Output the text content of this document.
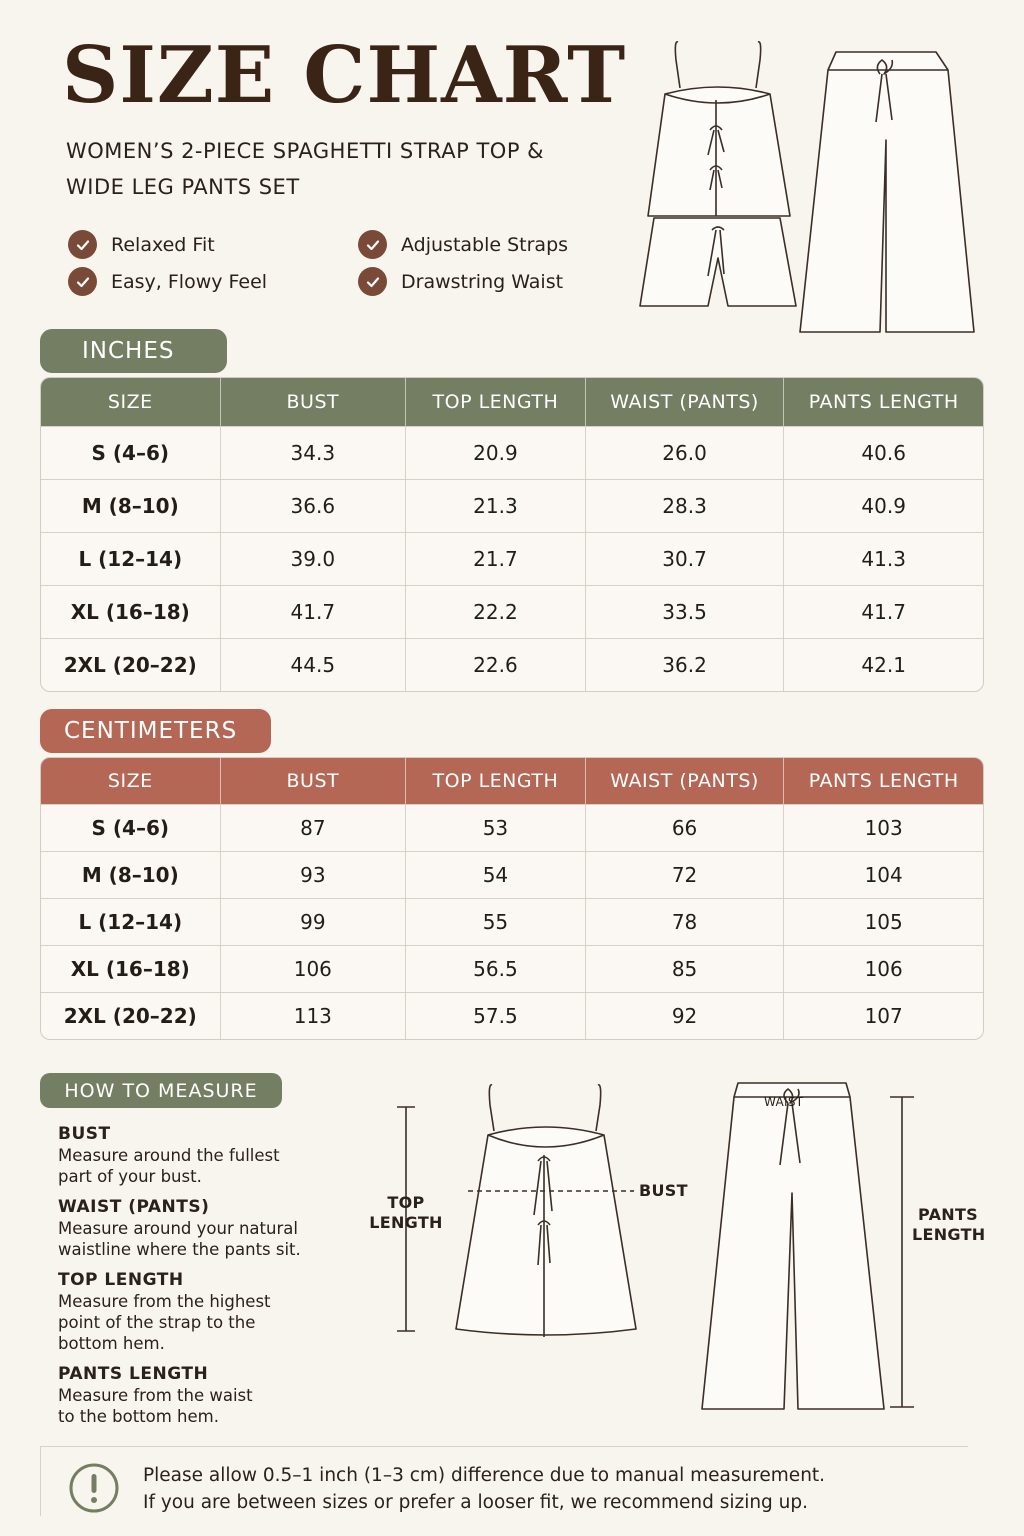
SIZE CHART
WOMEN’S 2-PIECE SPAGHETTI STRAP TOP &
WIDE LEG PANTS SET
Relaxed Fit	Adjustable Straps
Easy, Flowy Feel	Drawstring Waist
INCHES
SIZE	BUST	TOP LENGTH	WAIST (PANTS)	PANTS LENGTH
S (4–6)	34.3	20.9	26.0	40.6
M (8–10)	36.6	21.3	28.3	40.9
L (12–14)	39.0	21.7	30.7	41.3
XL (16–18)	41.7	22.2	33.5	41.7
2XL (20–22)	44.5	22.6	36.2	42.1
CENTIMETERS
SIZE	BUST	TOP LENGTH	WAIST (PANTS)	PANTS LENGTH
S (4–6)	87	53	66	103
M (8–10)	93	54	72	104
L (12–14)	99	55	78	105
XL (16–18)	106	56.5	85	106
2XL (20–22)	113	57.5	92	107
HOW TO MEASURE
BUST
Measure around the fullest
part of your bust.
WAIST (PANTS)
Measure around your natural
waistline where the pants sit.
TOP LENGTH
Measure from the highest
point of the strap to the
bottom hem.
PANTS LENGTH
Measure from the waist
to the bottom hem.
TOP
LENGTH
BUST
WAIST
PANTS
LENGTH
Please allow 0.5–1 inch (1–3 cm) difference due to manual measurement.
If you are between sizes or prefer a looser fit, we recommend sizing up.
